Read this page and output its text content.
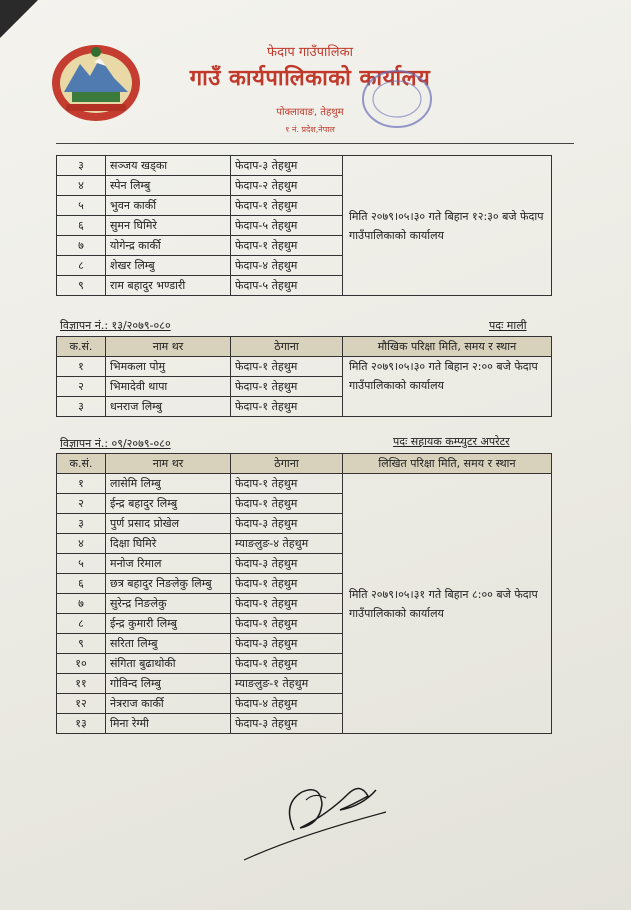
फेदाप गाउँपालिका
गाउँ कार्यपालिकाको कार्यालय
पोक्लावाङ, तेहथुम
१ नं. प्रदेश,नेपाल
३	सञ्जय खड्का	फेदाप-३ तेहथुम	मिति २०७९।०५।३० गते बिहान १२:३० बजे फेदाप गाउँपालिकाको कार्यालय
४	स्पेन लिम्बु	फेदाप-२ तेहथुम	
५	भुवन कार्की	फेदाप-१ तेहथुम	
६	सुमन घिमिरे	फेदाप-५ तेहथुम	
७	योगेन्द्र कार्की	फेदाप-१ तेहथुम	
८	शेखर लिम्बु	फेदाप-४ तेहथुम	
९	राम बहादुर भण्डारी	फेदाप-५ तेहथुम	
विज्ञापन नं.: १३/२०७९-०८०	पदः माली
क.सं.	नाम थर	ठेगाना	मौखिक परिक्षा मिति, समय र स्थान
१	भिमकला पोमु	फेदाप-१ तेहथुम	मिति २०७९।०५।३० गते बिहान २:०० बजे फेदाप गाउँपालिकाको कार्यालय
२	भिमादेवी थापा	फेदाप-१ तेहथुम	
३	धनराज लिम्बु	फेदाप-१ तेहथुम	
विज्ञापन नं.: ०९/२०७९-०८०	पदः सहायक कम्प्युटर अपरेटर
क.सं.	नाम थर	ठेगाना	लिखित परिक्षा मिति, समय र स्थान
१	लासेमि लिम्बु	फेदाप-१ तेहथुम	मिति २०७९।०५।३१ गते बिहान ८:०० बजे फेदाप गाउँपालिकाको कार्यालय
२	ईन्द्र बहादुर लिम्बु	फेदाप-१ तेहथुम	
३	पुर्ण प्रसाद प्रोखेल	फेदाप-३ तेहथुम	
४	दिक्षा घिमिरे	म्याङलुङ-४ तेहथुम	
५	मनोज रिमाल	फेदाप-३ तेहथुम	
६	छत्र बहादुर निङलेकु लिम्बु	फेदाप-१ तेहथुम	
७	सुरेन्द्र निङलेकु	फेदाप-१ तेहथुम	
८	ईन्द्र कुमारी लिम्बु	फेदाप-१ तेहथुम	
९	सरिता लिम्बु	फेदाप-३ तेहथुम	
१०	संगिता बुढाथोकी	फेदाप-१ तेहथुम	
११	गोविन्द लिम्बु	म्याङलुङ-१ तेहथुम	
१२	नेत्रराज कार्की	फेदाप-४ तेहथुम	
१३	मिना रेग्मी	फेदाप-३ तेहथुम	
